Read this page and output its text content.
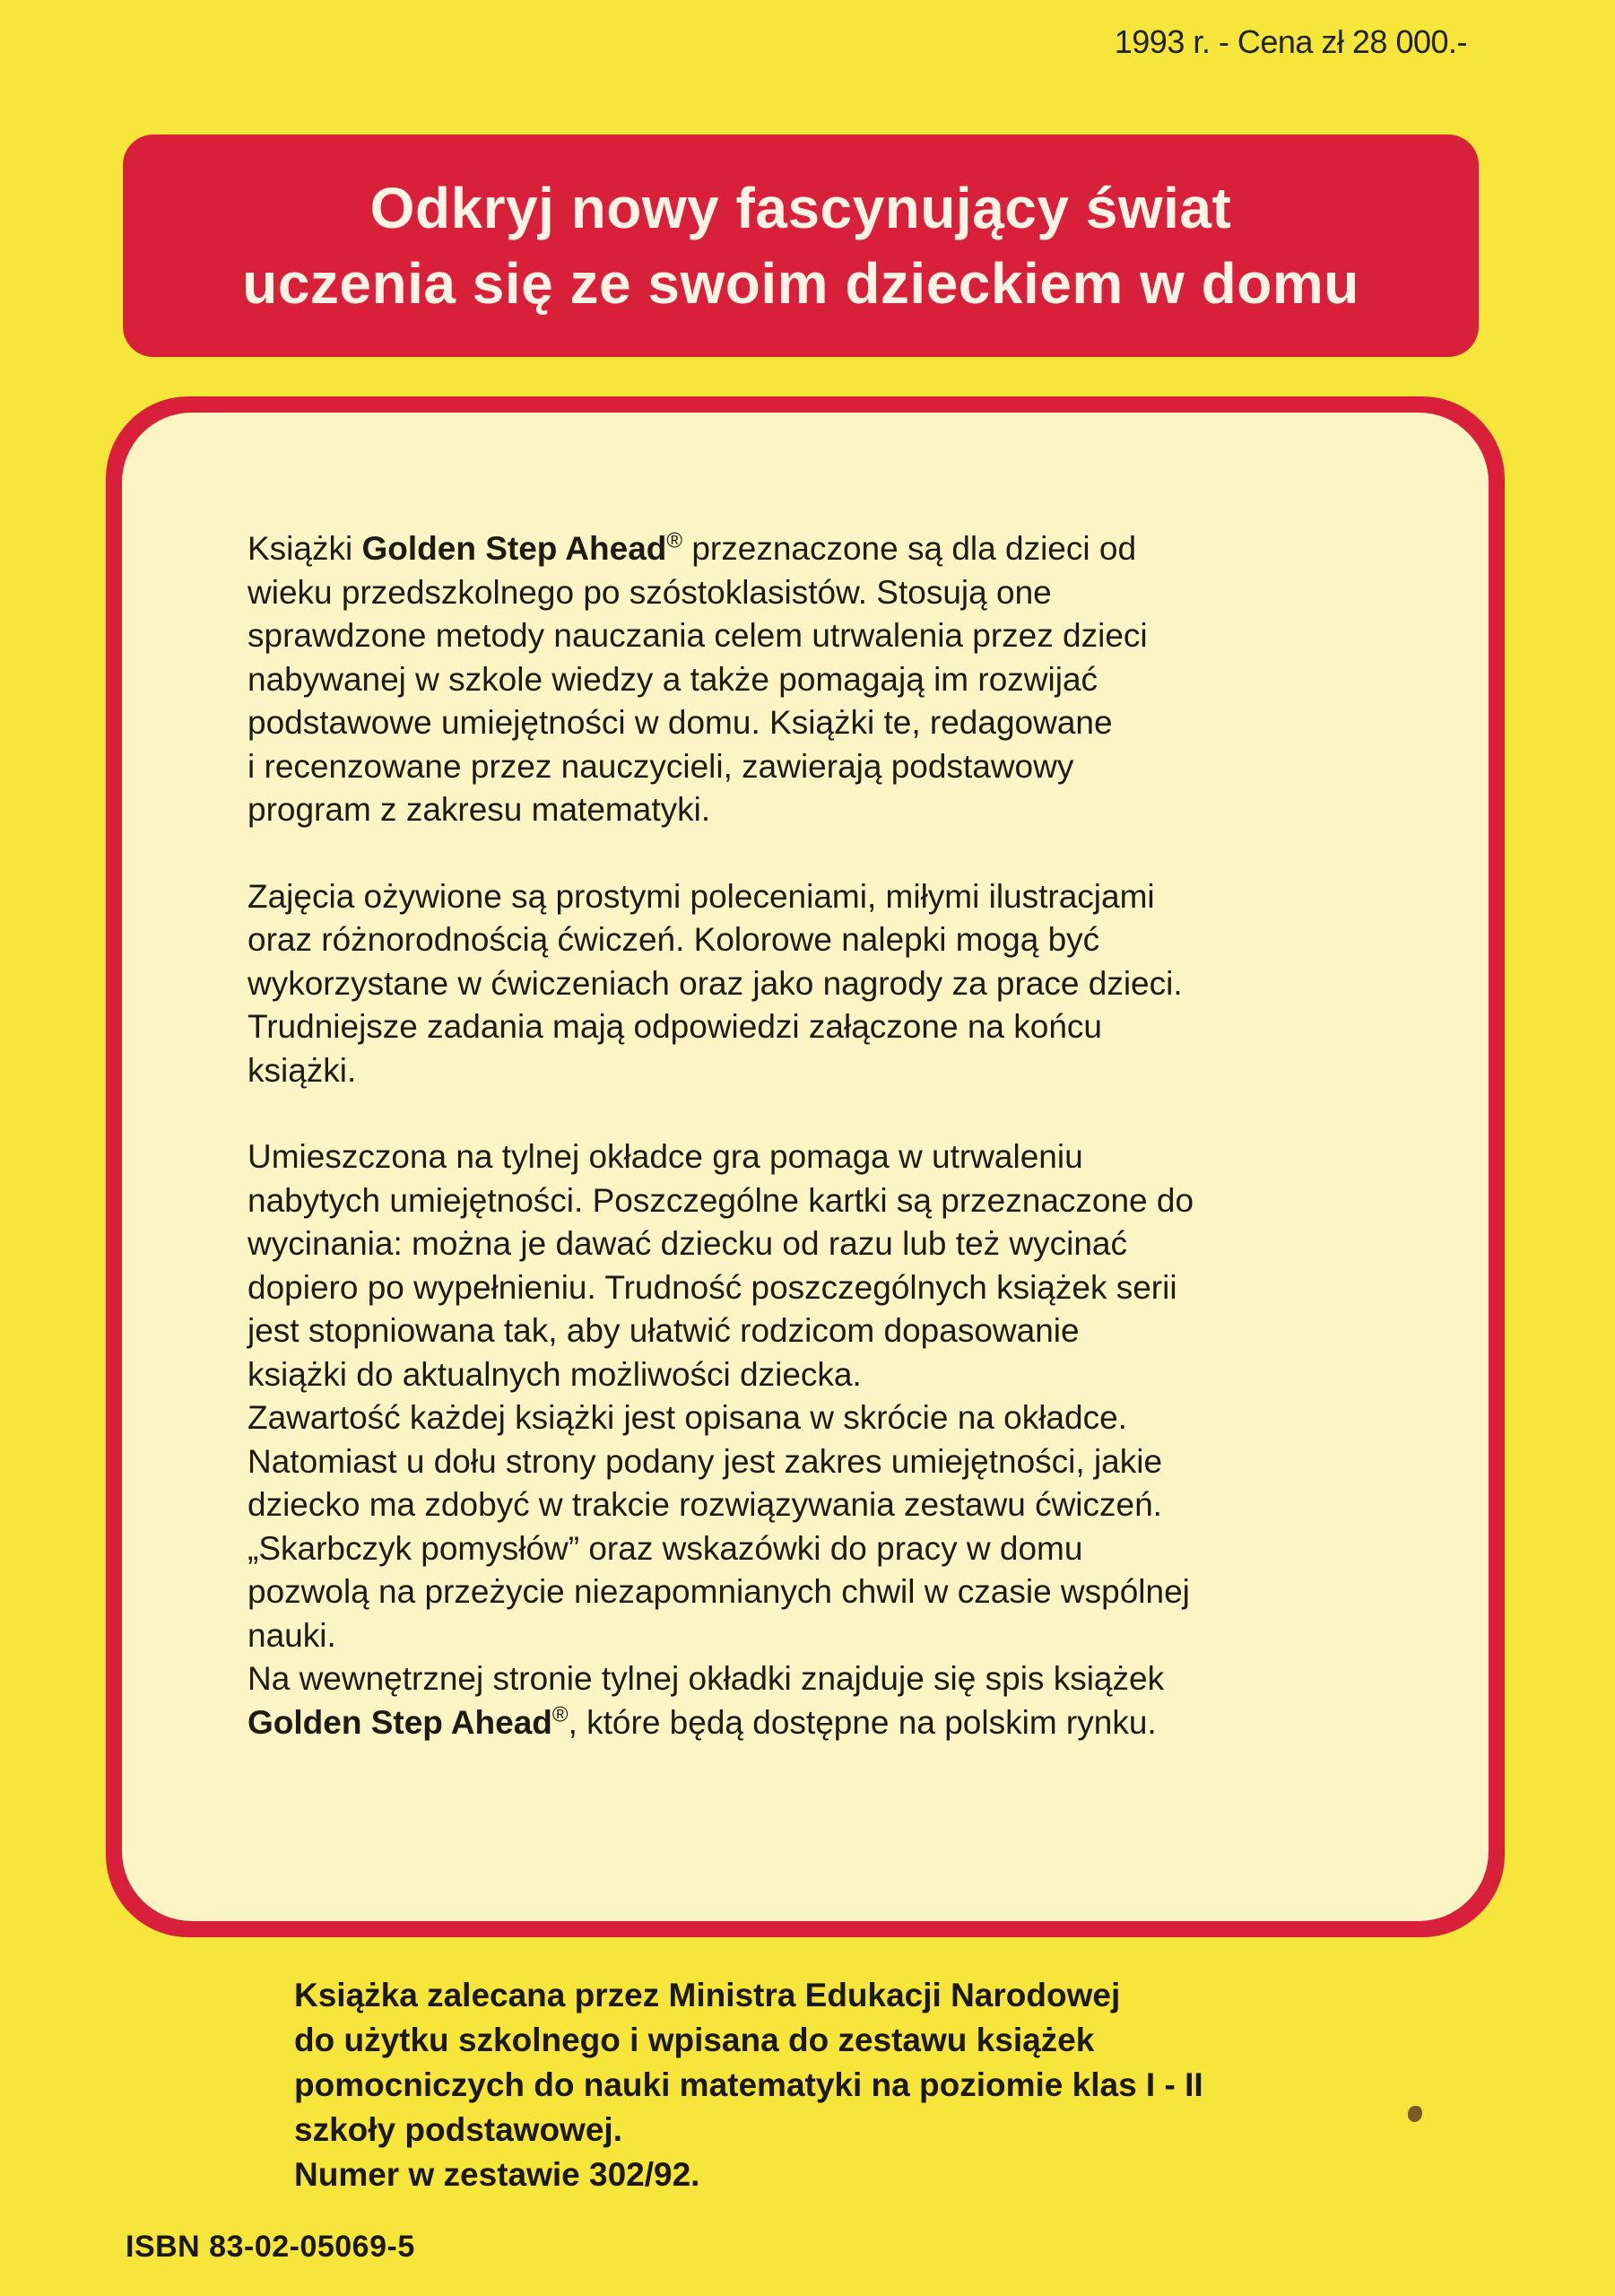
1993 r. - Cena zł 28 000.-
Odkryj nowy fascynujący świat
uczenia się ze swoim dzieckiem w domu

Książki Golden Step Ahead® przeznaczone są dla dzieci od
wieku przedszkolnego po szóstoklasistów. Stosują one
sprawdzone metody nauczania celem utrwalenia przez dzieci
nabywanej w szkole wiedzy a także pomagają im rozwijać
podstawowe umiejętności w domu. Książki te, redagowane
i recenzowane przez nauczycieli, zawierają podstawowy
program z zakresu matematyki.

Zajęcia ożywione są prostymi poleceniami, miłymi ilustracjami
oraz różnorodnością ćwiczeń. Kolorowe nalepki mogą być
wykorzystane w ćwiczeniach oraz jako nagrody za prace dzieci.
Trudniejsze zadania mają odpowiedzi załączone na końcu
książki.

Umieszczona na tylnej okładce gra pomaga w utrwaleniu
nabytych umiejętności. Poszczególne kartki są przeznaczone do
wycinania: można je dawać dziecku od razu lub też wycinać
dopiero po wypełnieniu. Trudność poszczególnych książek serii
jest stopniowana tak, aby ułatwić rodzicom dopasowanie
książki do aktualnych możliwości dziecka.
Zawartość każdej książki jest opisana w skrócie na okładce.
Natomiast u dołu strony podany jest zakres umiejętności, jakie
dziecko ma zdobyć w trakcie rozwiązywania zestawu ćwiczeń.
„Skarbczyk pomysłów” oraz wskazówki do pracy w domu
pozwolą na przeżycie niezapomnianych chwil w czasie wspólnej
nauki.
Na wewnętrznej stronie tylnej okładki znajduje się spis książek
Golden Step Ahead®, które będą dostępne na polskim rynku.

Książka zalecana przez Ministra Edukacji Narodowej
do użytku szkolnego i wpisana do zestawu książek
pomocniczych do nauki matematyki na poziomie klas I - II
szkoły podstawowej.
Numer w zestawie 302/92.
ISBN 83-02-05069-5
